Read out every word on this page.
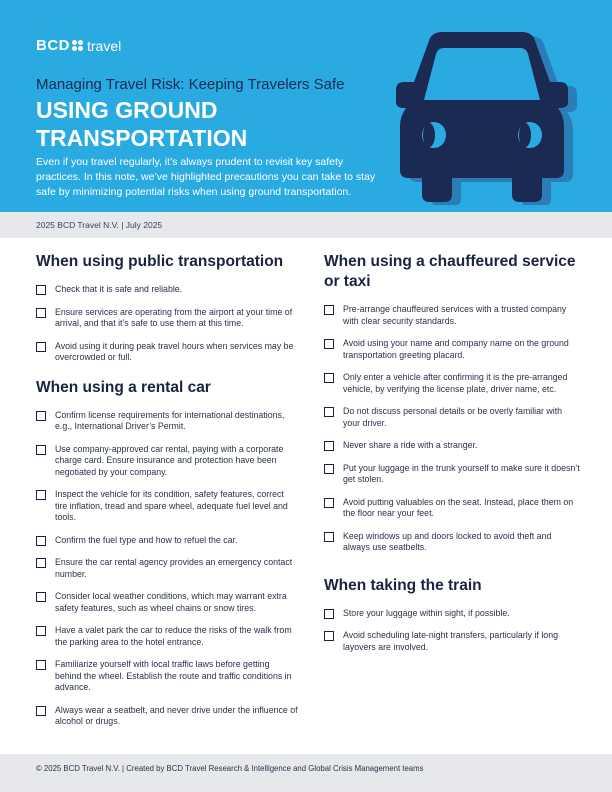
BCD travel
Managing Travel Risk: Keeping Travelers Safe
USING GROUND TRANSPORTATION
Even if you travel regularly, it’s always prudent to revisit key safety practices. In this note, we’ve highlighted precautions you can take to stay safe by minimizing potential risks when using ground transportation.
2025 BCD Travel N.V. | July 2025
When using public transportation
Check that it is safe and reliable.
Ensure services are operating from the airport at your time of arrival, and that it’s safe to use them at this time.
Avoid using it during peak travel hours when services may be overcrowded or full.
When using a rental car
Confirm license requirements for international destinations, e.g., International Driver’s Permit.
Use company-approved car rental, paying with a corporate charge card. Ensure insurance and protection have been negotiated by your company.
Inspect the vehicle for its condition, safety features, correct tire inflation, tread and spare wheel, adequate fuel level and tools.
Confirm the fuel type and how to refuel the car.
Ensure the car rental agency provides an emergency contact number.
Consider local weather conditions, which may warrant extra safety features, such as wheel chains or snow tires.
Have a valet park the car to reduce the risks of the walk from the parking area to the hotel entrance.
Familiarize yourself with local traffic laws before getting behind the wheel. Establish the route and traffic conditions in advance.
Always wear a seatbelt, and never drive under the influence of alcohol or drugs.
When using a chauffeured service or taxi
Pre-arrange chauffeured services with a trusted company with clear security standards.
Avoid using your name and company name on the ground transportation greeting placard.
Only enter a vehicle after confirming it is the pre-arranged vehicle, by verifying the license plate, driver name, etc.
Do not discuss personal details or be overly familiar with your driver.
Never share a ride with a stranger.
Put your luggage in the trunk yourself to make sure it doesn’t get stolen.
Avoid putting valuables on the seat. Instead, place them on the floor near your feet.
Keep windows up and doors locked to avoid theft and always use seatbelts.
When taking the train
Store your luggage within sight, if possible.
Avoid scheduling late-night transfers, particularly if long layovers are involved.
© 2025 BCD Travel N.V. | Created by BCD Travel Research & Intelligence and Global Crisis Management teams
